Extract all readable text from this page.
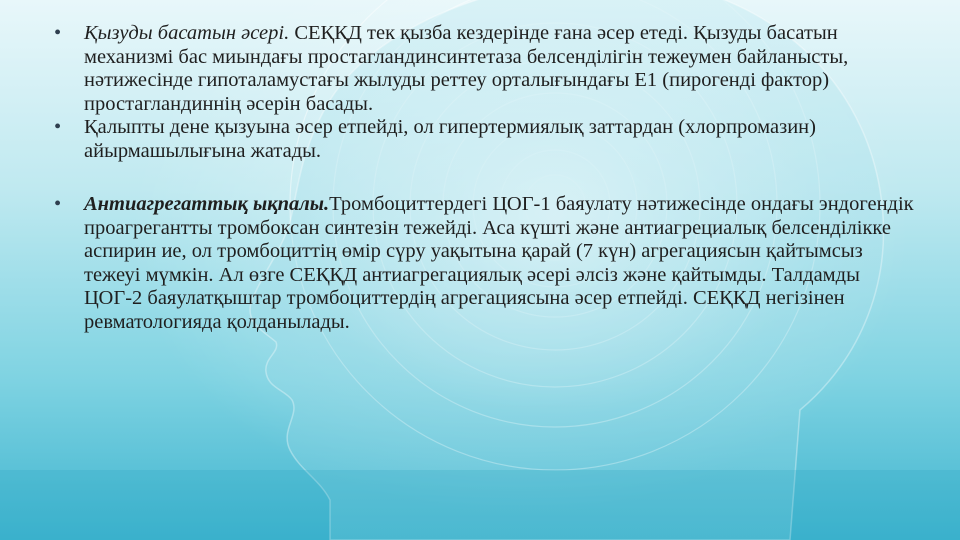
•	Қызуды басатын әсері. СЕҚҚД тек қызба кездерінде ғана әсер етеді. Қызуды басатын механизмі бас миындағы простагландинсинтетаза белсенділігін тежеумен байланысты, нәтижесінде гипоталамустағы жылуды реттеу орталығындағы Е1 (пирогенді фактор) простагландиннің әсерін басады.
•	Қалыпты дене қызуына әсер етпейді, ол гипертермиялық заттардан (хлорпромазин) айырмашылығына жатады.
•	Антиагрегаттық ықпалы.Тромбоциттердегі ЦОГ-1 баяулату нәтижесінде ондағы эндогендік проагрегантты тромбоксан синтезін тежейді. Аса күшті және антиагрециалық белсенділікке аспирин ие, ол тромбоциттің өмір сүру уақытына қарай (7 күн) агрегациясын қайтымсыз тежеуі мүмкін. Ал өзге СЕҚҚД антиагрегациялық әсері әлсіз және қайтымды. Талдамды ЦОГ-2 баяулатқыштар тромбоциттердің агрегациясына әсер етпейді. СЕҚҚД негізінен ревматологияда қолданылады.
